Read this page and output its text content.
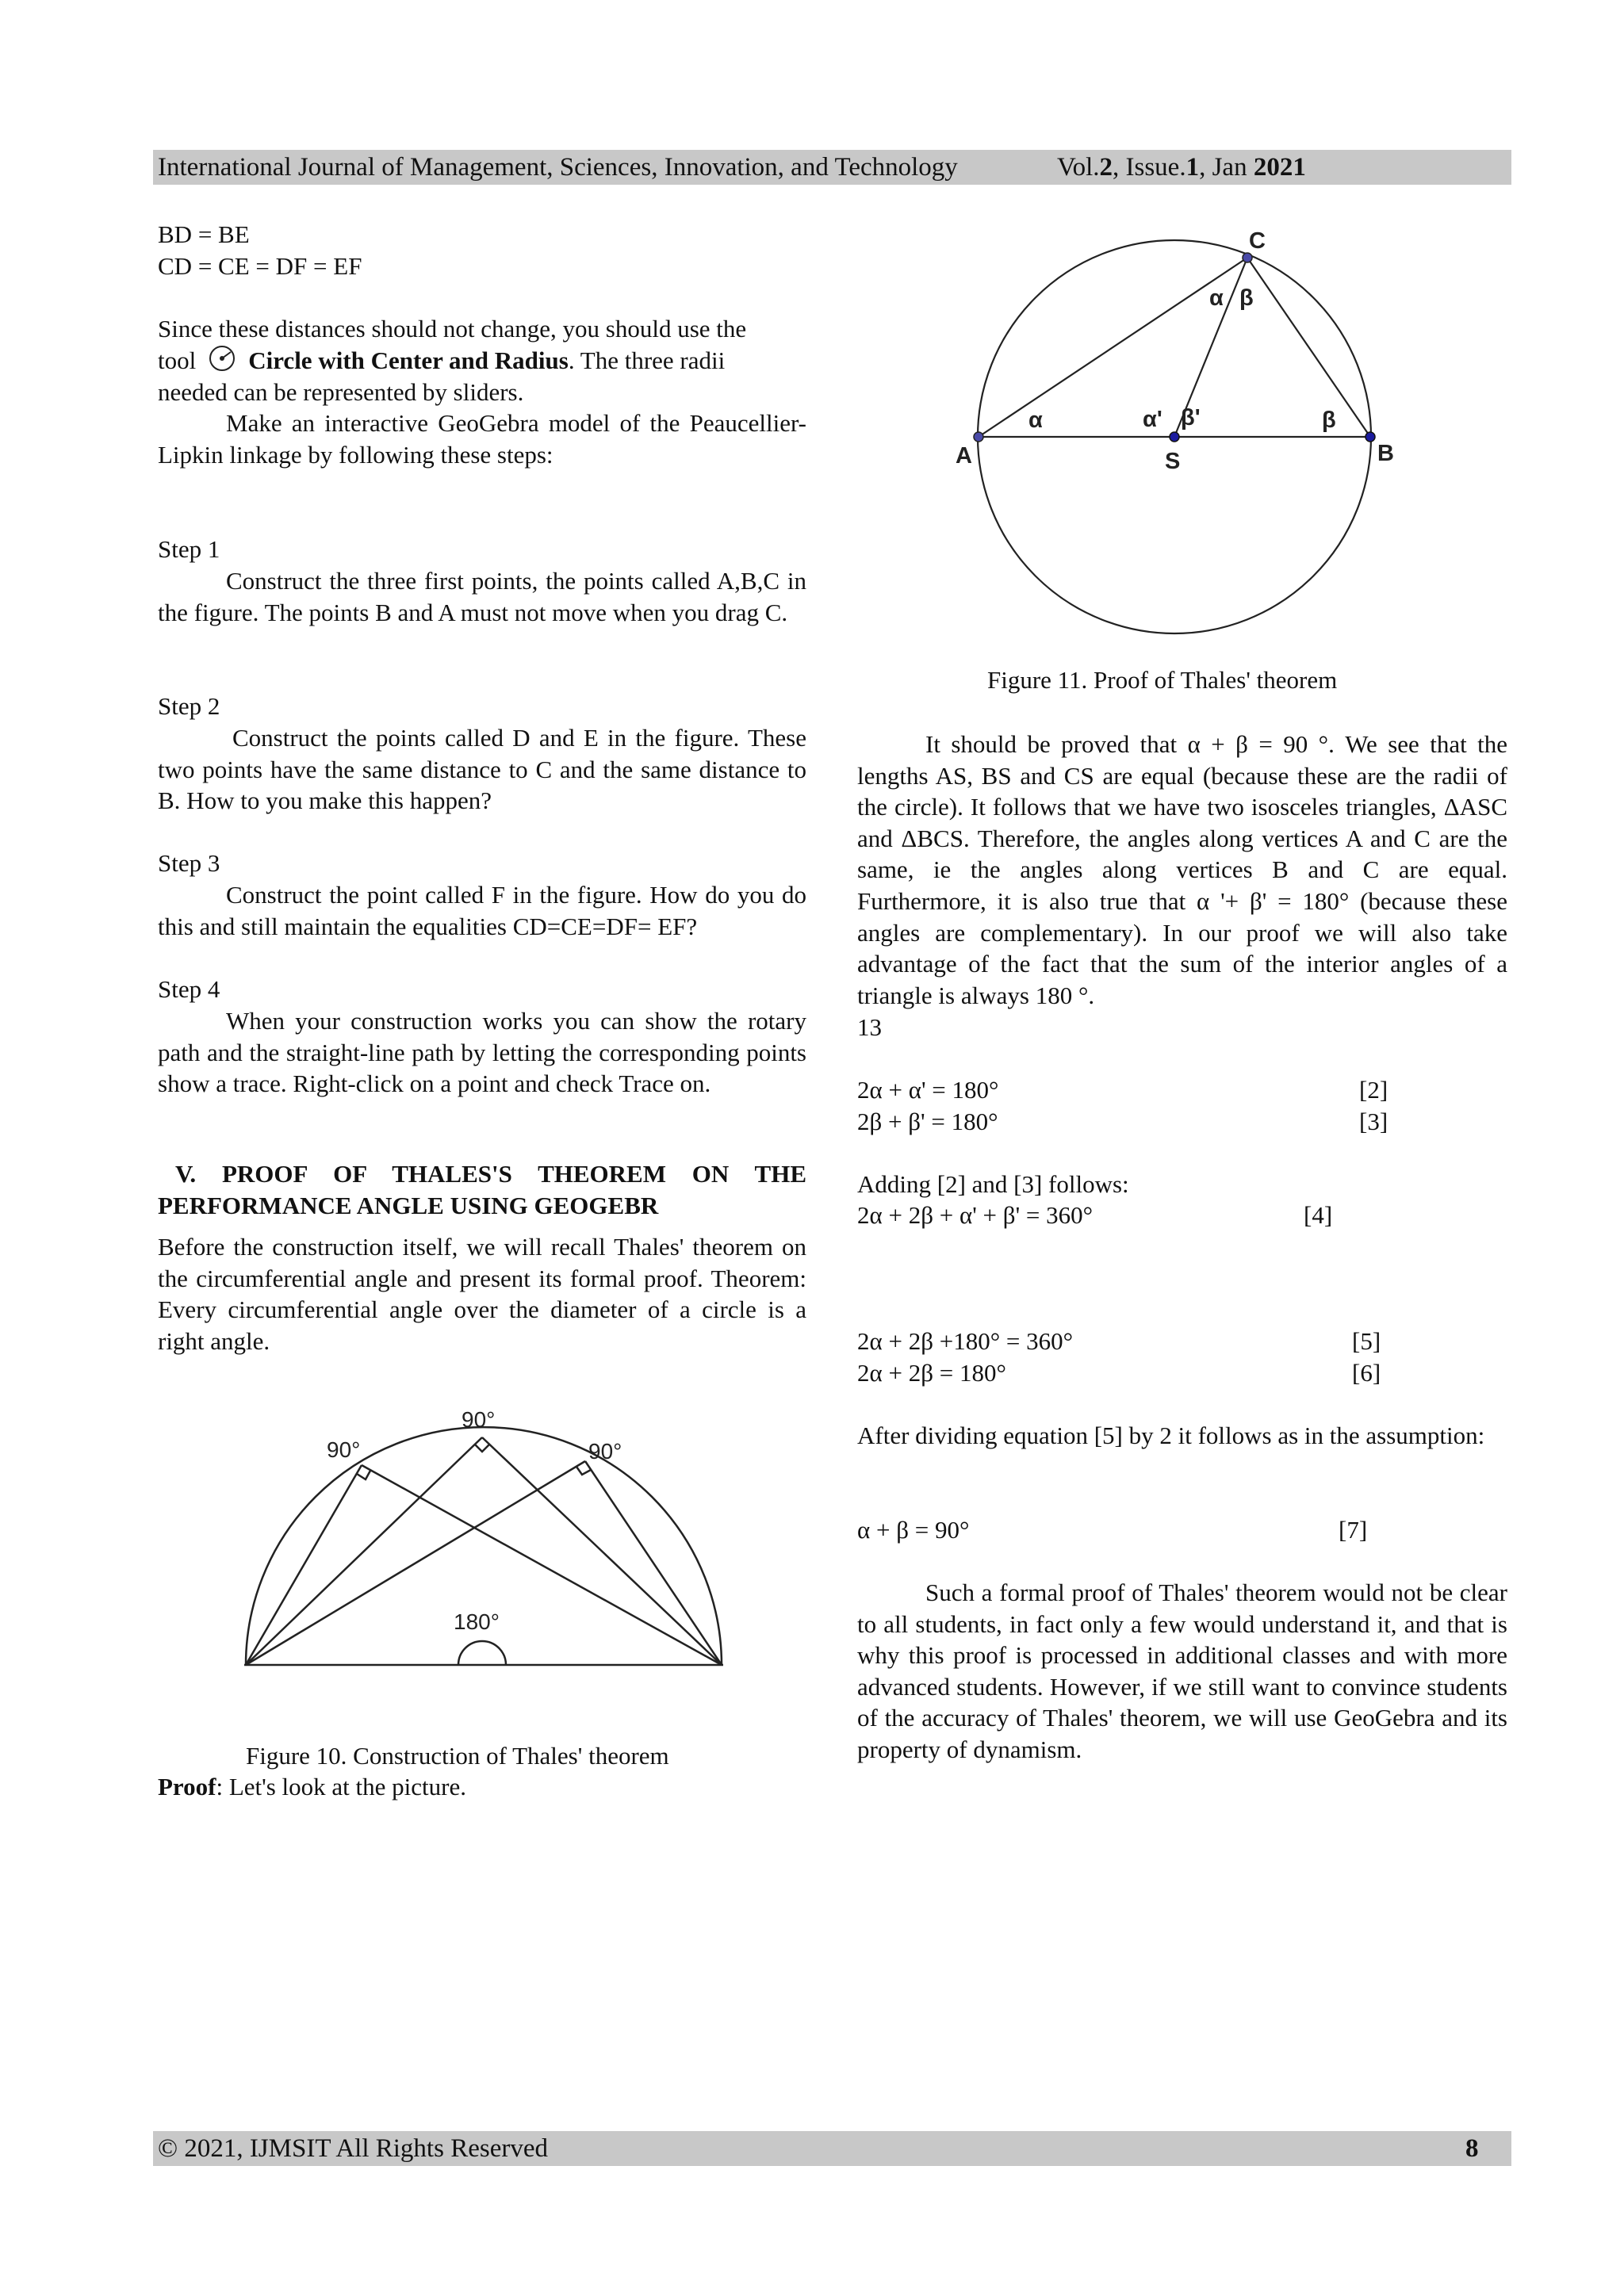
International Journal of Management, Sciences, Innovation, and Technology	Vol.2, Issue.1, Jan 2021
BD = BE
CD = CE = DF = EF
Since these distances should not change, you should use the
tool Circle with Center and Radius . The three radii
needed can be represented by sliders.
Make an interactive GeoGebra model of the Peaucellier-Lipkin linkage by following these steps:
Step 1
Construct the three first points, the points called A,B,C in the figure. The points B and A must not move when you drag C.
Step 2
Construct the points called D and E in the figure. These two points have the same distance to C and the same distance to B. How to you make this happen?
Step 3
Construct the point called F in the figure. How do you do this and still maintain the equalities CD=CE=DF= EF?
Step 4
When your construction works you can show the rotary path and the straight-line path by letting the corresponding points show a trace. Right-click on a point and check Trace on.
V. PROOF OF THALES'S THEOREM ON THE PERFORMANCE ANGLE USING GEOGEBR
Before the construction itself, we will recall Thales' theorem on the circumferential angle and present its formal proof. Theorem: Every circumferential angle over the diameter of a circle is a right angle.
90°
90°
90°
180°
Figure 10. Construction of Thales' theorem
Proof: Let's look at the picture.
C
A	B
S
α β
α	α' β'	β
Figure 11. Proof of Thales' theorem
It should be proved that α + β = 90 °. We see that the lengths AS, BS and CS are equal (because these are the radii of the circle). It follows that we have two isosceles triangles, ΔASC and ΔBCS. Therefore, the angles along vertices A and C are the same, ie the angles along vertices B and C are equal. Furthermore, it is also true that α '+ β' = 180° (because these angles are complementary). In our proof we will also take advantage of the fact that the sum of the interior angles of a triangle is always 180 °.
13
2α + α' = 180°	[2]
2β + β' = 180°	[3]
Adding [2] and [3] follows:
2α + 2β + α' + β' = 360°	[4]
2α + 2β +180° = 360°	[5]
2α + 2β = 180°	[6]
After dividing equation [5] by 2 it follows as in the assumption:
α + β = 90°	[7]
Such a formal proof of Thales' theorem would not be clear to all students, in fact only a few would understand it, and that is why this proof is processed in additional classes and with more advanced students. However, if we still want to convince students of the accuracy of Thales' theorem, we will use GeoGebra and its property of dynamism.
© 2021, IJMSIT All Rights Reserved	8
